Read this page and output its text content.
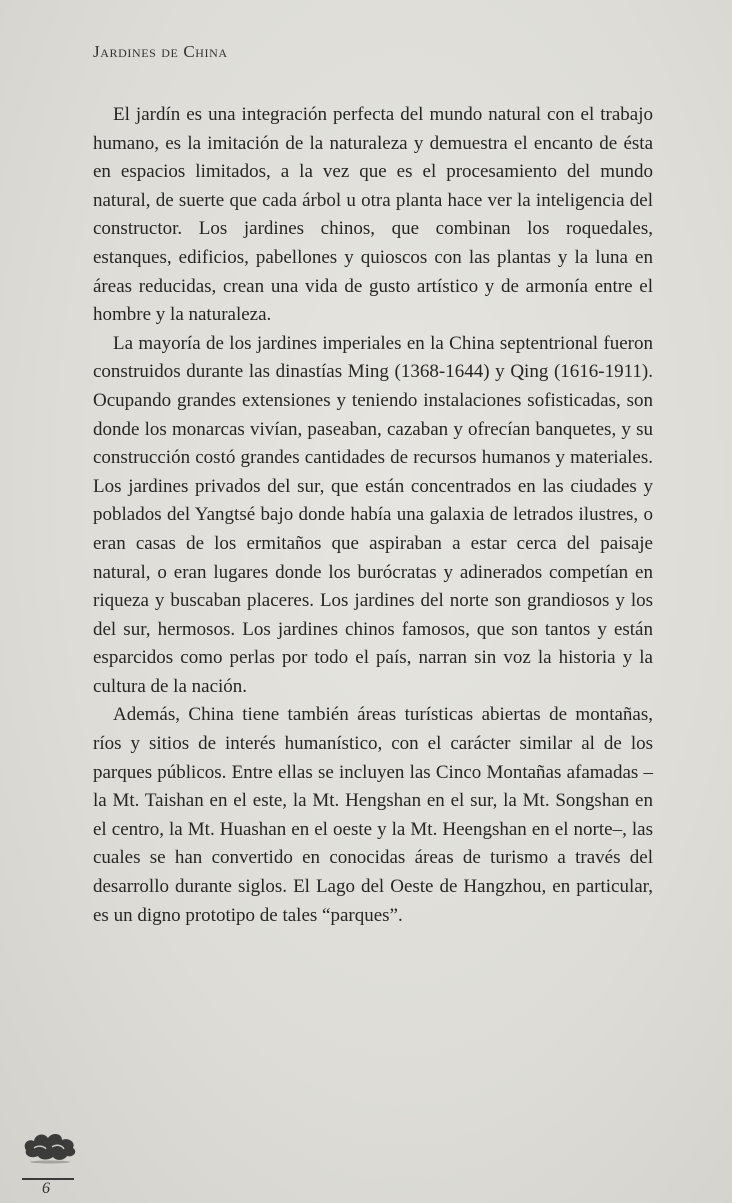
Jardines de China

El jardín es una integración perfecta del mundo natural con el trabajo humano, es la imitación de la naturaleza y demuestra el encanto de ésta en espacios limitados, a la vez que es el procesamiento del mundo natural, de suerte que cada árbol u otra planta hace ver la inteligencia del constructor. Los jardines chinos, que combinan los roquedales, estanques, edificios, pabellones y quioscos con las plantas y la luna en áreas reducidas, crean una vida de gusto artístico y de armonía entre el hombre y la naturaleza.

La mayoría de los jardines imperiales en la China septentrional fueron construidos durante las dinastías Ming (1368-1644) y Qing (1616-1911). Ocupando grandes extensiones y teniendo instalaciones sofisticadas, son donde los monarcas vivían, paseaban, cazaban y ofrecían banquetes, y su construcción costó grandes cantidades de recursos humanos y materiales. Los jardines privados del sur, que están concentrados en las ciudades y poblados del Yangtsé bajo donde había una galaxia de letrados ilustres, o eran casas de los ermitaños que aspiraban a estar cerca del paisaje natural, o eran lugares donde los burócratas y adinerados competían en riqueza y buscaban placeres. Los jardines del norte son grandiosos y los del sur, hermosos. Los jardines chinos famosos, que son tantos y están esparcidos como perlas por todo el país, narran sin voz la historia y la cultura de la nación.

Además, China tiene también áreas turísticas abiertas de montañas, ríos y sitios de interés humanístico, con el carácter similar al de los parques públicos. Entre ellas se incluyen las Cinco Montañas afamadas –la Mt. Taishan en el este, la Mt. Hengshan en el sur, la Mt. Songshan en el centro, la Mt. Huashan en el oeste y la Mt. Heengshan en el norte–, las cuales se han convertido en conocidas áreas de turismo a través del desarrollo durante siglos. El Lago del Oeste de Hangzhou, en particular, es un digno prototipo de tales “parques”.

6
